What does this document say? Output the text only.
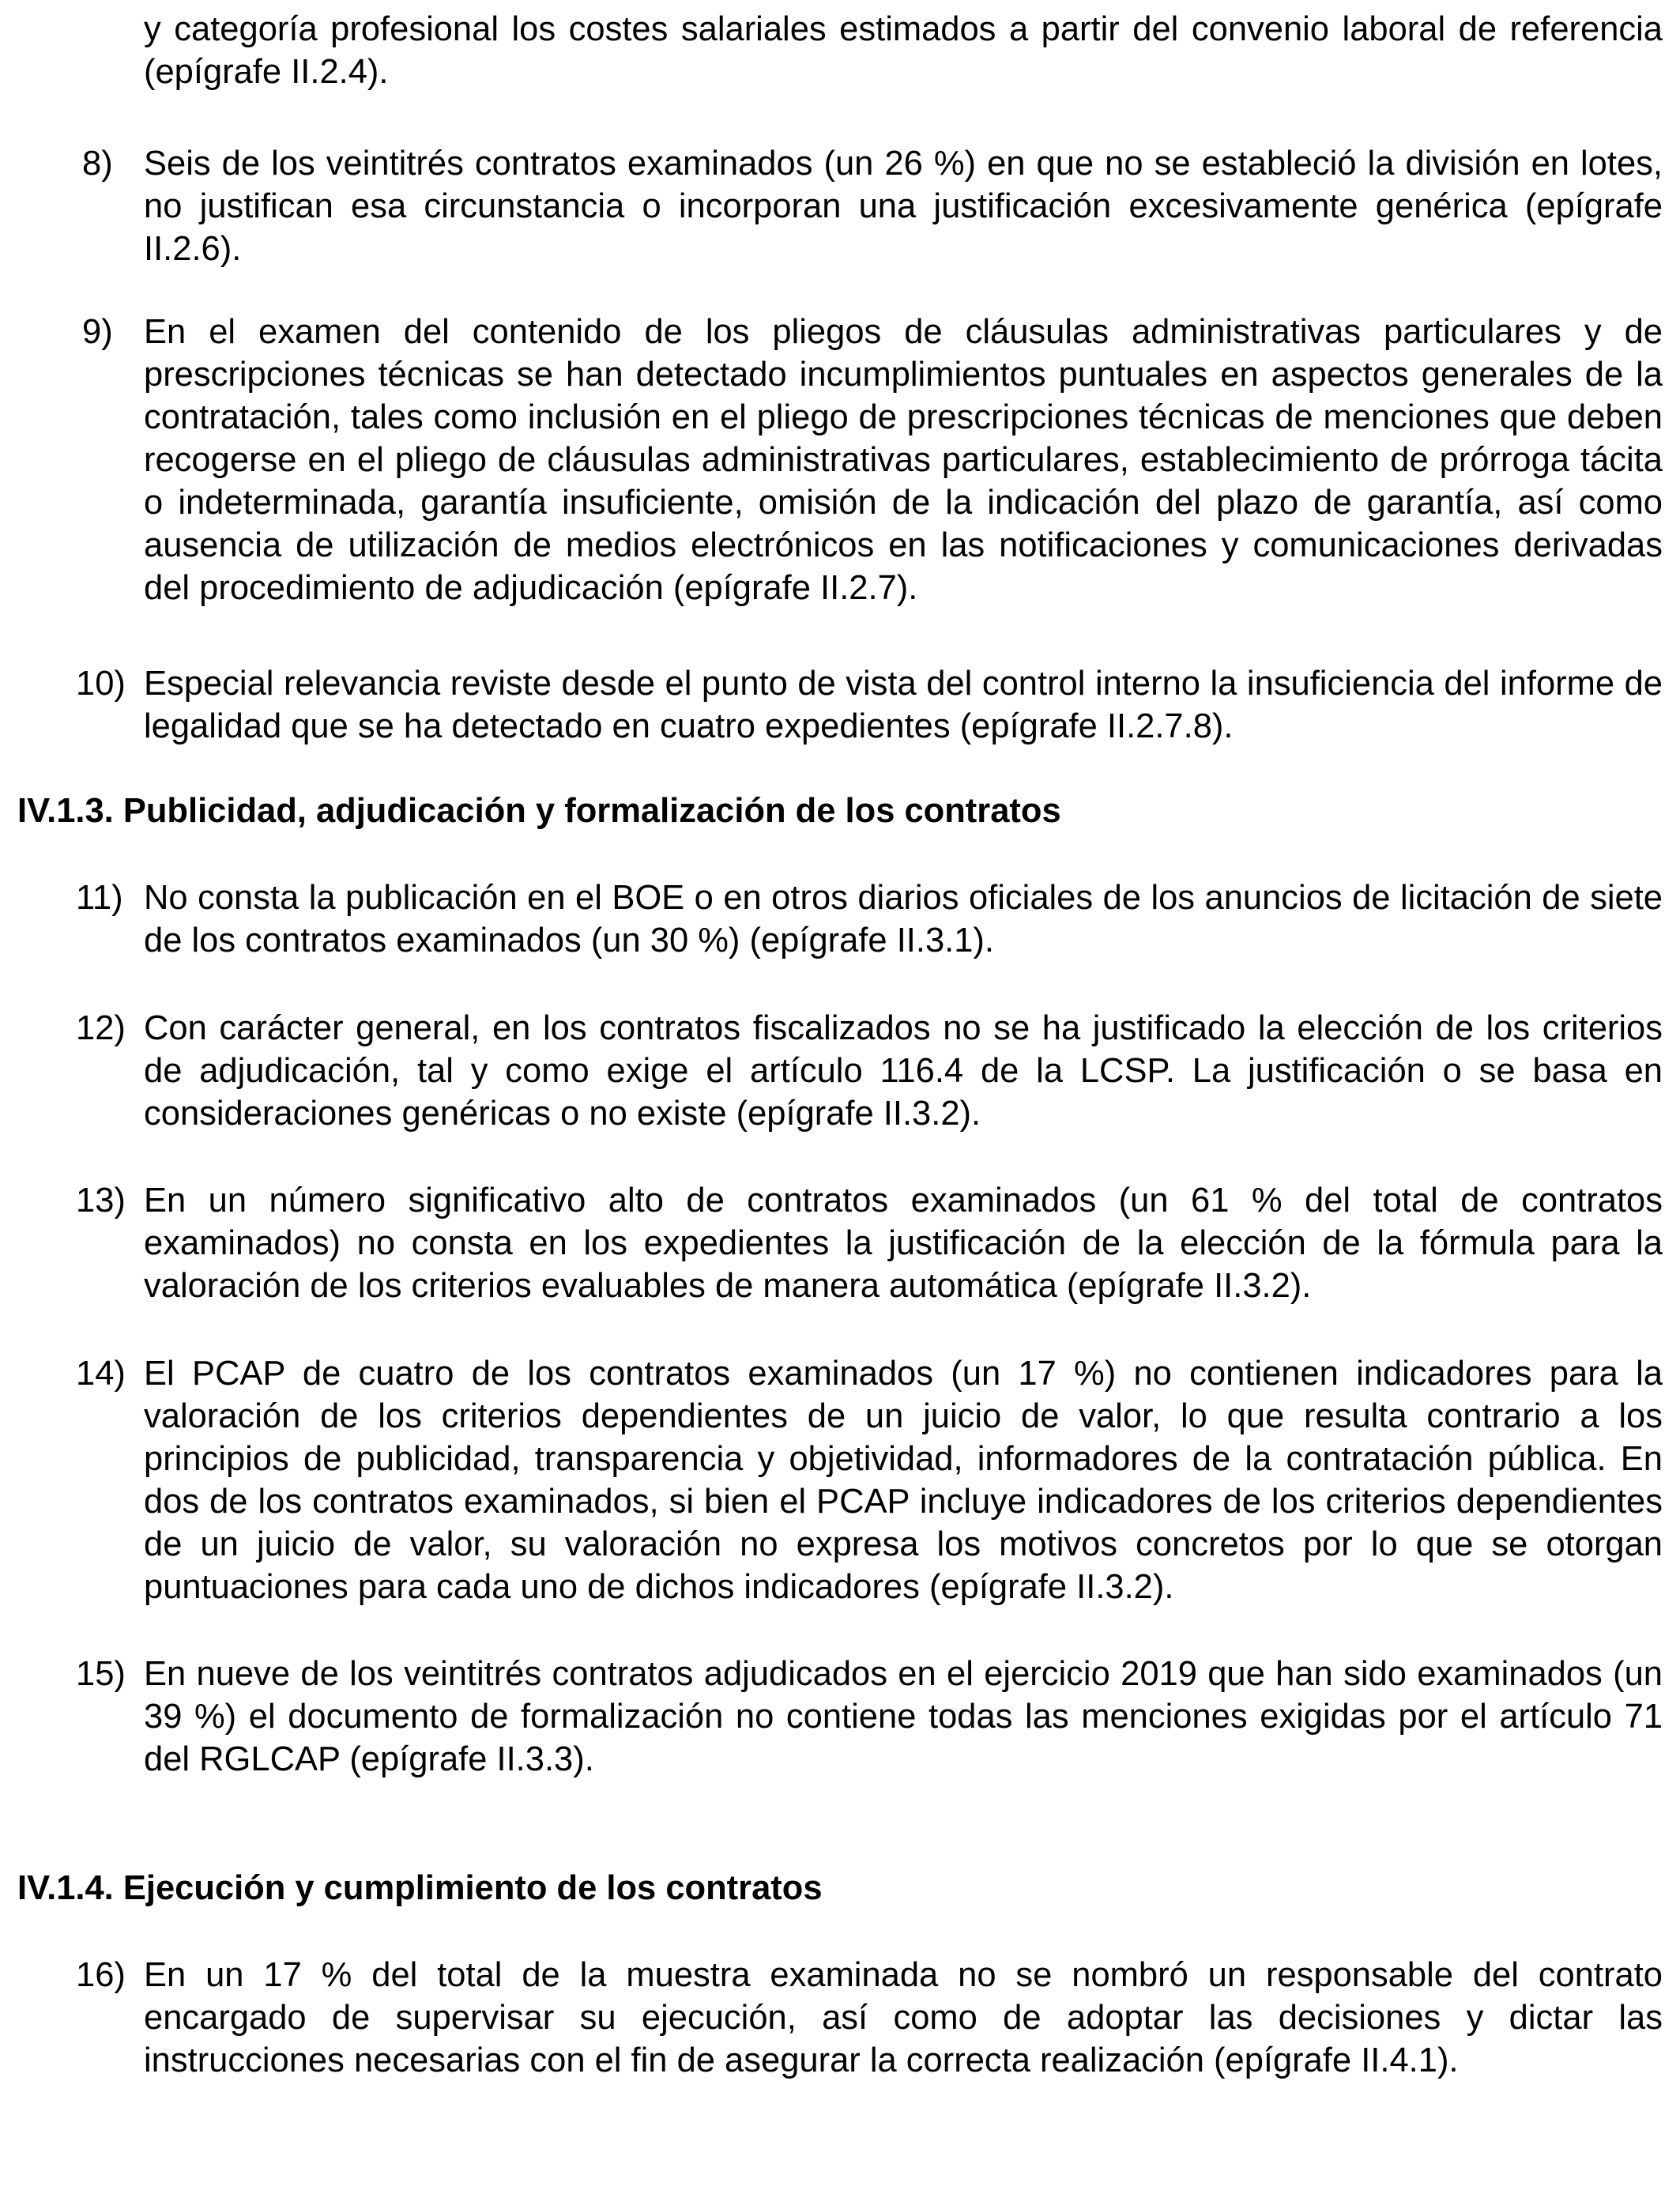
y categoría profesional los costes salariales estimados a partir del convenio laboral de referencia (epígrafe II.2.4).
8) Seis de los veintitrés contratos examinados (un 26 %) en que no se estableció la división en lotes, no justifican esa circunstancia o incorporan una justificación excesivamente genérica (epígrafe II.2.6).
9) En el examen del contenido de los pliegos de cláusulas administrativas particulares y de prescripciones técnicas se han detectado incumplimientos puntuales en aspectos generales de la contratación, tales como inclusión en el pliego de prescripciones técnicas de menciones que deben recogerse en el pliego de cláusulas administrativas particulares, establecimiento de prórroga tácita o indeterminada, garantía insuficiente, omisión de la indicación del plazo de garantía, así como ausencia de utilización de medios electrónicos en las notificaciones y comunicaciones derivadas del procedimiento de adjudicación (epígrafe II.2.7).
10) Especial relevancia reviste desde el punto de vista del control interno la insuficiencia del informe de legalidad que se ha detectado en cuatro expedientes (epígrafe II.2.7.8).
IV.1.3. Publicidad, adjudicación y formalización de los contratos
11) No consta la publicación en el BOE o en otros diarios oficiales de los anuncios de licitación de siete de los contratos examinados (un 30 %) (epígrafe II.3.1).
12) Con carácter general, en los contratos fiscalizados no se ha justificado la elección de los criterios de adjudicación, tal y como exige el artículo 116.4 de la LCSP. La justificación o se basa en consideraciones genéricas o no existe (epígrafe II.3.2).
13) En un número significativo alto de contratos examinados (un 61 % del total de contratos examinados) no consta en los expedientes la justificación de la elección de la fórmula para la valoración de los criterios evaluables de manera automática (epígrafe II.3.2).
14) El PCAP de cuatro de los contratos examinados (un 17 %) no contienen indicadores para la valoración de los criterios dependientes de un juicio de valor, lo que resulta contrario a los principios de publicidad, transparencia y objetividad, informadores de la contratación pública. En dos de los contratos examinados, si bien el PCAP incluye indicadores de los criterios dependientes de un juicio de valor, su valoración no expresa los motivos concretos por lo que se otorgan puntuaciones para cada uno de dichos indicadores (epígrafe II.3.2).
15) En nueve de los veintitrés contratos adjudicados en el ejercicio 2019 que han sido examinados (un 39 %) el documento de formalización no contiene todas las menciones exigidas por el artículo 71 del RGLCAP (epígrafe II.3.3).
IV.1.4. Ejecución y cumplimiento de los contratos
16) En un 17 % del total de la muestra examinada no se nombró un responsable del contrato encargado de supervisar su ejecución, así como de adoptar las decisiones y dictar las instrucciones necesarias con el fin de asegurar la correcta realización (epígrafe II.4.1).
